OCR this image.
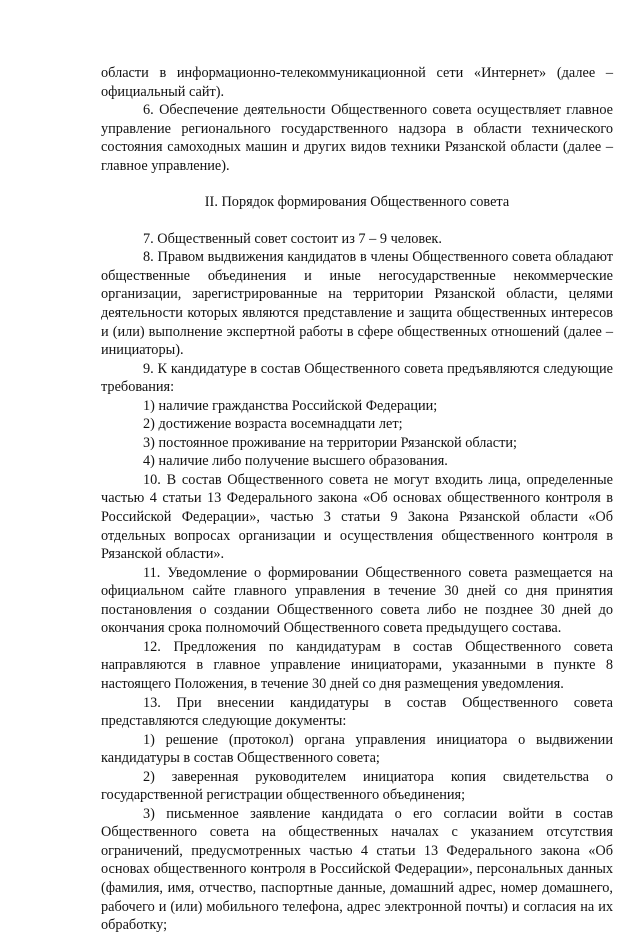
области в информационно-телекоммуникационной сети «Интернет» (далее – официальный сайт).

6. Обеспечение деятельности Общественного совета осуществляет главное управление регионального государственного надзора в области технического состояния самоходных машин и других видов техники Рязанской области (далее – главное управление).

II. Порядок формирования Общественного совета

7. Общественный совет состоит из 7 – 9 человек.

8. Правом выдвижения кандидатов в члены Общественного совета обладают общественные объединения и иные негосударственные некоммерческие организации, зарегистрированные на территории Рязанской области, целями деятельности которых являются представление и защита общественных интересов и (или) выполнение экспертной работы в сфере общественных отношений (далее – инициаторы).

9. К кандидатуре в состав Общественного совета предъявляются следующие требования:

1) наличие гражданства Российской Федерации;

2) достижение возраста восемнадцати лет;

3) постоянное проживание на территории Рязанской области;

4) наличие либо получение высшего образования.

10. В состав Общественного совета не могут входить лица, определенные частью 4 статьи 13 Федерального закона «Об основах общественного контроля в Российской Федерации», частью 3 статьи 9 Закона Рязанской области «Об отдельных вопросах организации и осуществления общественного контроля в Рязанской области».

11. Уведомление о формировании Общественного совета размещается на официальном сайте главного управления в течение 30 дней со дня принятия постановления о создании Общественного совета либо не позднее 30 дней до окончания срока полномочий Общественного совета предыдущего состава.

12. Предложения по кандидатурам в состав Общественного совета направляются в главное управление инициаторами, указанными в пункте 8 настоящего Положения, в течение 30 дней со дня размещения уведомления.

13. При внесении кандидатуры в состав Общественного совета представляются следующие документы:

1) решение (протокол) органа управления инициатора о выдвижении кандидатуры в состав Общественного совета;

2) заверенная руководителем инициатора копия свидетельства о государственной регистрации общественного объединения;

3) письменное заявление кандидата о его согласии войти в состав Общественного совета на общественных началах с указанием отсутствия ограничений, предусмотренных частью 4 статьи 13 Федерального закона «Об основах общественного контроля в Российской Федерации», персональных данных (фамилия, имя, отчество, паспортные данные, домашний адрес, номер домашнего, рабочего и (или) мобильного телефона, адрес электронной почты) и согласия на их обработку;
